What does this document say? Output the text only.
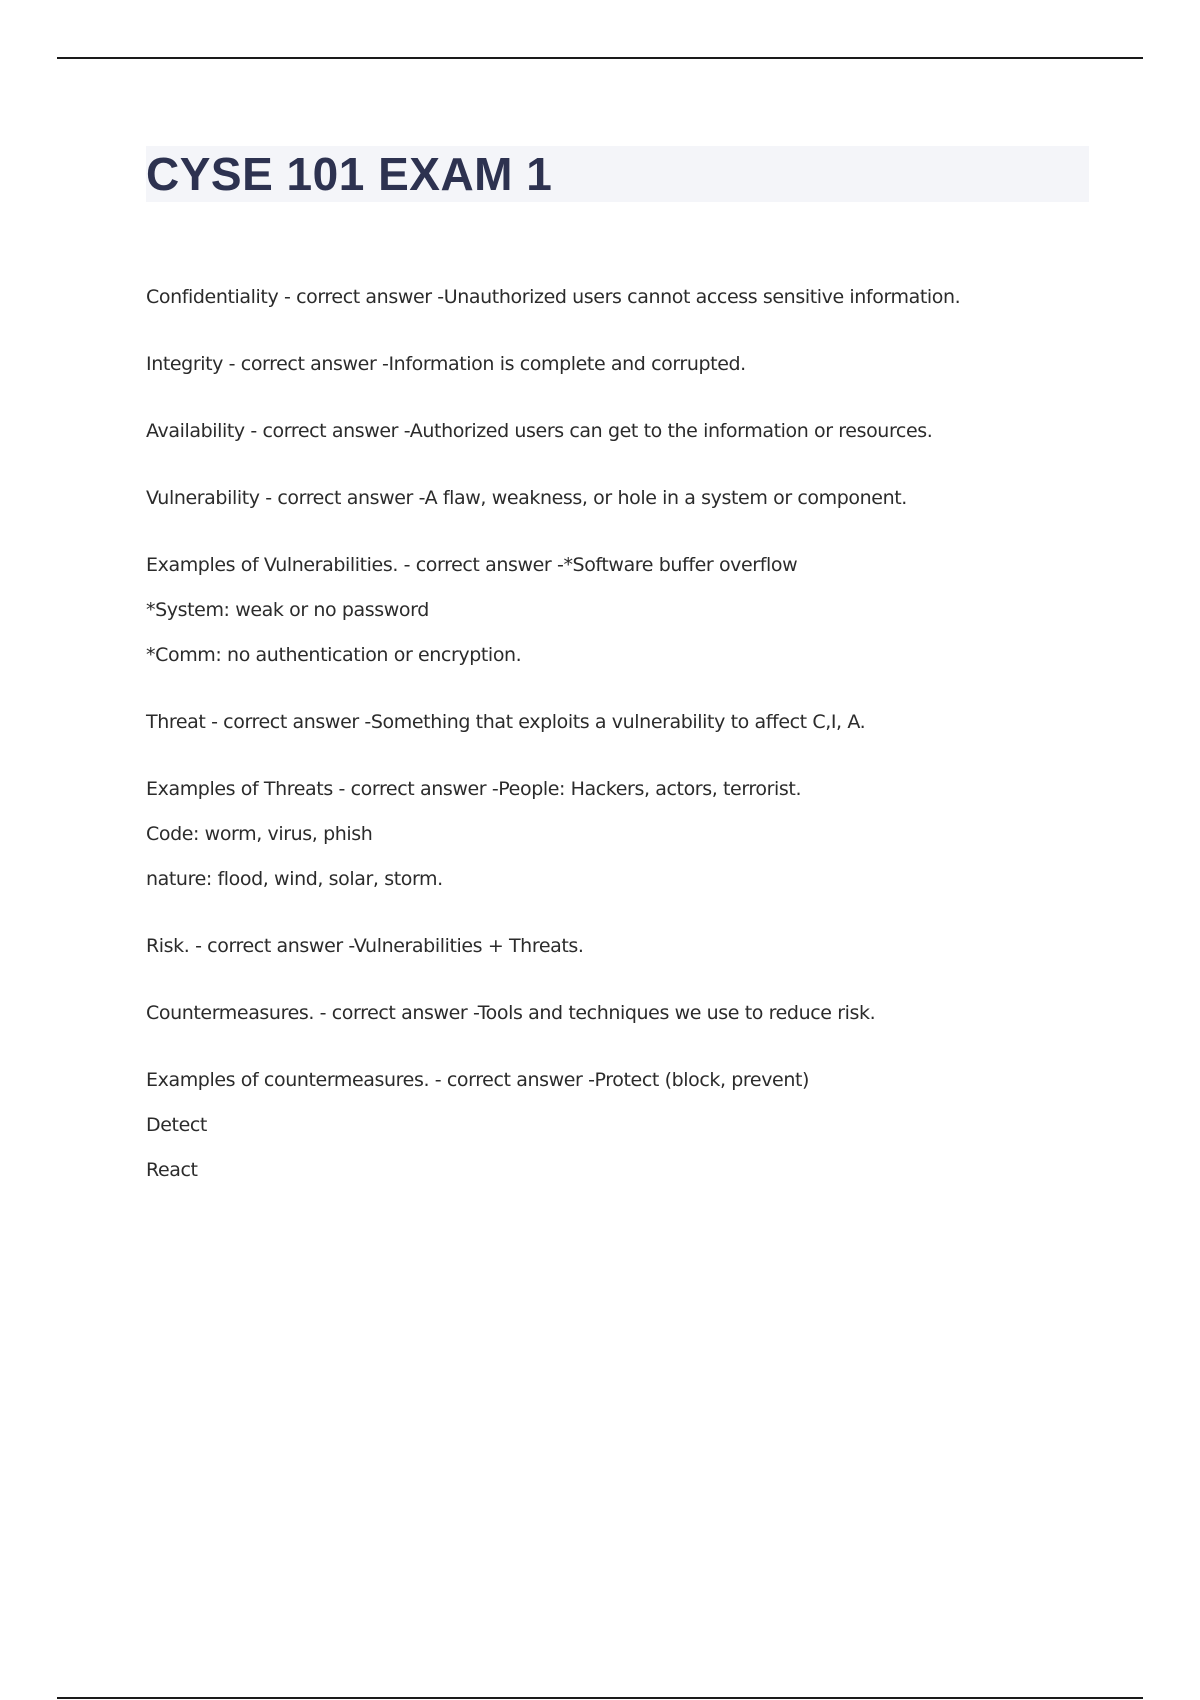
CYSE 101 EXAM 1
Confidentiality - correct answer -Unauthorized users cannot access sensitive information.
Integrity - correct answer -Information is complete and corrupted.
Availability - correct answer -Authorized users can get to the information or resources.
Vulnerability - correct answer -A flaw, weakness, or hole in a system or component.
Examples of Vulnerabilities. - correct answer -*Software buffer overflow
*System: weak or no password
*Comm: no authentication or encryption.
Threat - correct answer -Something that exploits a vulnerability to affect C,I, A.
Examples of Threats - correct answer -People: Hackers, actors, terrorist.
Code: worm, virus, phish
nature: flood, wind, solar, storm.
Risk. - correct answer -Vulnerabilities + Threats.
Countermeasures. - correct answer -Tools and techniques we use to reduce risk.
Examples of countermeasures. - correct answer -Protect (block, prevent)
Detect
React
